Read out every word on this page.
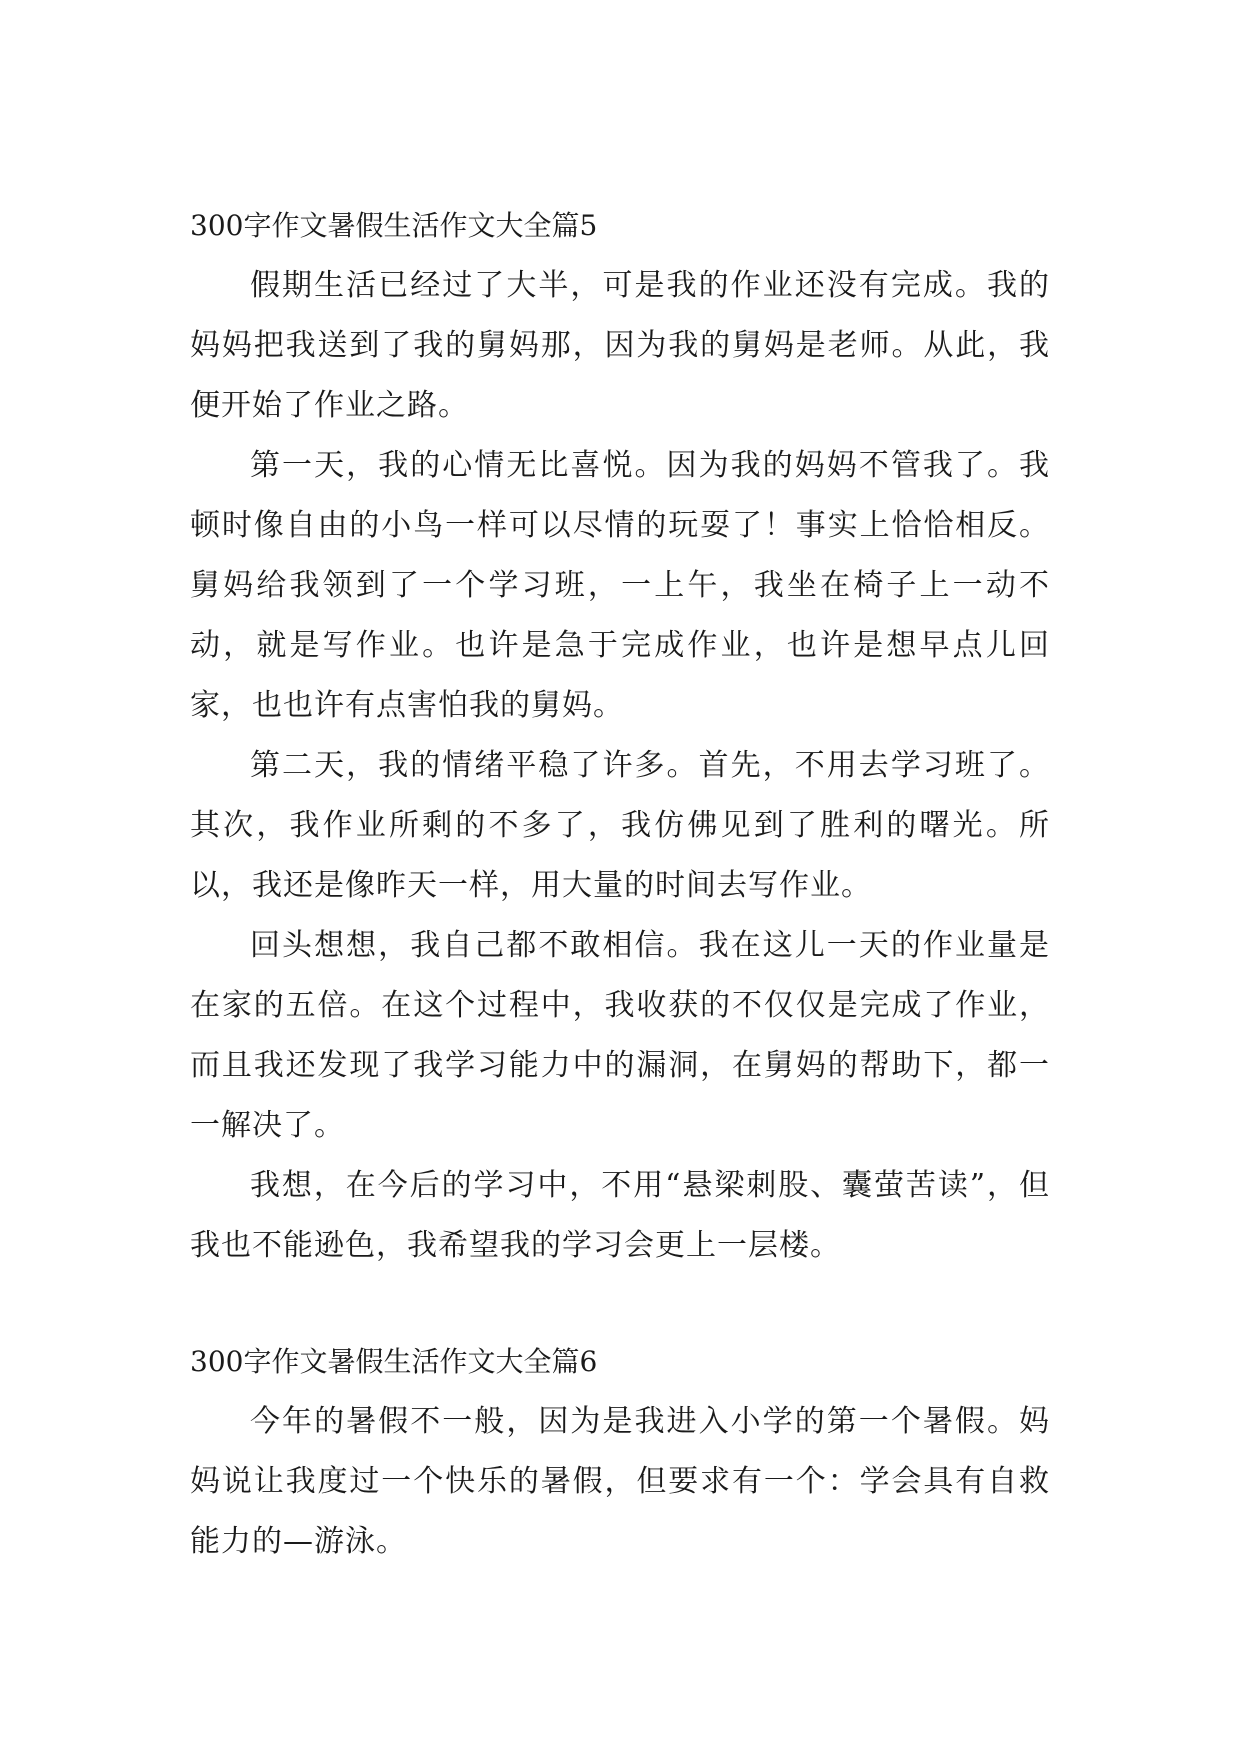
300字作文暑假生活作文大全篇5

假期生活已经过了大半，可是我的作业还没有完成。我的妈妈把我送到了我的舅妈那，因为我的舅妈是老师。从此，我便开始了作业之路。

第一天，我的心情无比喜悦。因为我的妈妈不管我了。我顿时像自由的小鸟一样可以尽情的玩耍了！事实上恰恰相反。舅妈给我领到了一个学习班，一上午，我坐在椅子上一动不动，就是写作业。也许是急于完成作业，也许是想早点儿回家，也也许有点害怕我的舅妈。

第二天，我的情绪平稳了许多。首先，不用去学习班了。其次，我作业所剩的不多了，我仿佛见到了胜利的曙光。所以，我还是像昨天一样，用大量的时间去写作业。

回头想想，我自己都不敢相信。我在这儿一天的作业量是在家的五倍。在这个过程中，我收获的不仅仅是完成了作业，而且我还发现了我学习能力中的漏洞，在舅妈的帮助下，都一一解决了。

我想，在今后的学习中，不用“悬梁刺股、囊萤苦读”，但我也不能逊色，我希望我的学习会更上一层楼。

300字作文暑假生活作文大全篇6

今年的暑假不一般，因为是我进入小学的第一个暑假。妈妈说让我度过一个快乐的暑假，但要求有一个：学会具有自救能力的—游泳。
